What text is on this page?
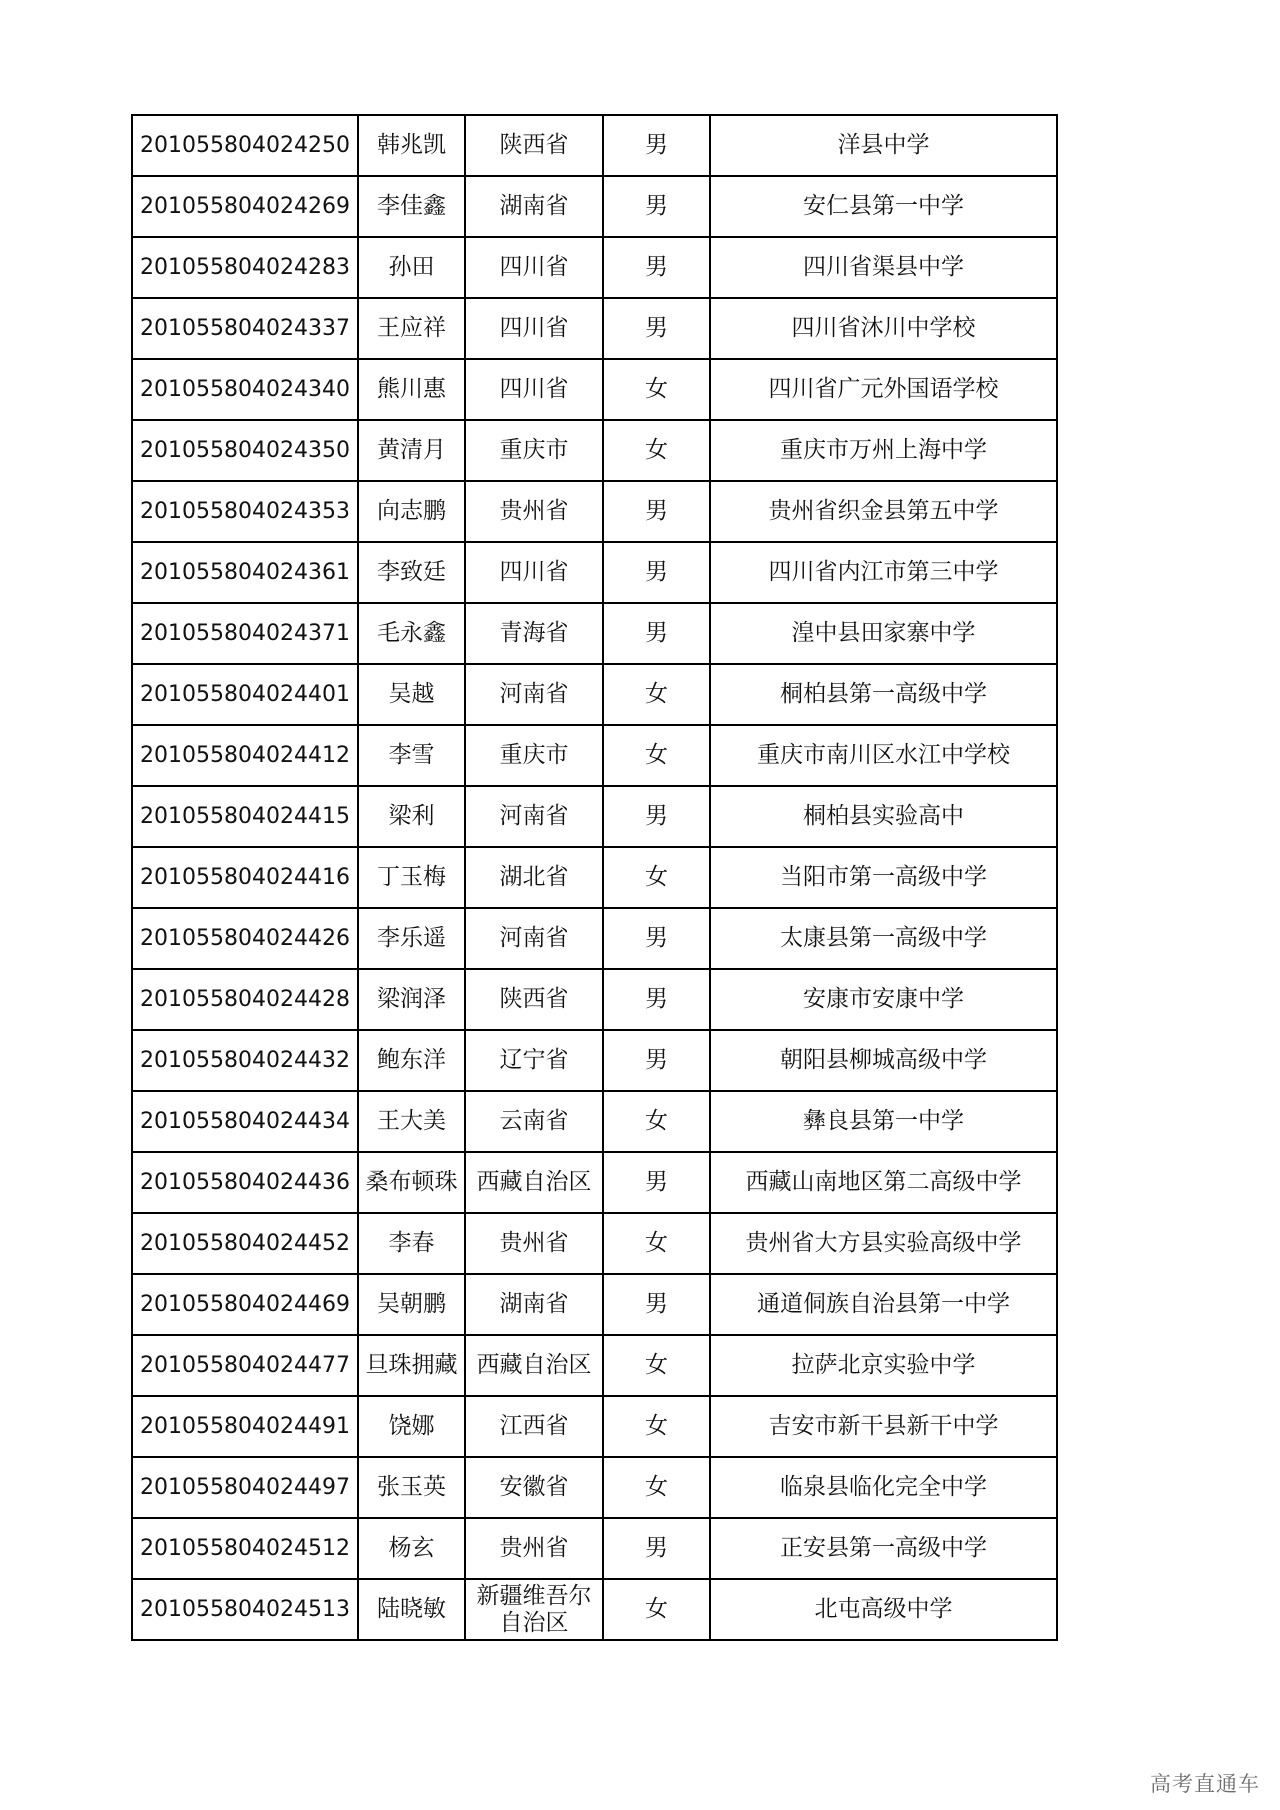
201055804024250	韩兆凯	陕西省	男	洋县中学
201055804024269	李佳鑫	湖南省	男	安仁县第一中学
201055804024283	孙田	四川省	男	四川省渠县中学
201055804024337	王应祥	四川省	男	四川省沐川中学校
201055804024340	熊川惠	四川省	女	四川省广元外国语学校
201055804024350	黄清月	重庆市	女	重庆市万州上海中学
201055804024353	向志鹏	贵州省	男	贵州省织金县第五中学
201055804024361	李致廷	四川省	男	四川省内江市第三中学
201055804024371	毛永鑫	青海省	男	湟中县田家寨中学
201055804024401	吴越	河南省	女	桐柏县第一高级中学
201055804024412	李雪	重庆市	女	重庆市南川区水江中学校
201055804024415	梁利	河南省	男	桐柏县实验高中
201055804024416	丁玉梅	湖北省	女	当阳市第一高级中学
201055804024426	李乐遥	河南省	男	太康县第一高级中学
201055804024428	梁润泽	陕西省	男	安康市安康中学
201055804024432	鲍东洋	辽宁省	男	朝阳县柳城高级中学
201055804024434	王大美	云南省	女	彝良县第一中学
201055804024436	桑布顿珠	西藏自治区	男	西藏山南地区第二高级中学
201055804024452	李春	贵州省	女	贵州省大方县实验高级中学
201055804024469	吴朝鹏	湖南省	男	通道侗族自治县第一中学
201055804024477	旦珠拥藏	西藏自治区	女	拉萨北京实验中学
201055804024491	饶娜	江西省	女	吉安市新干县新干中学
201055804024497	张玉英	安徽省	女	临泉县临化完全中学
201055804024512	杨玄	贵州省	男	正安县第一高级中学
201055804024513	陆晓敏	新疆维吾尔自治区	女	北屯高级中学
高考直通车
